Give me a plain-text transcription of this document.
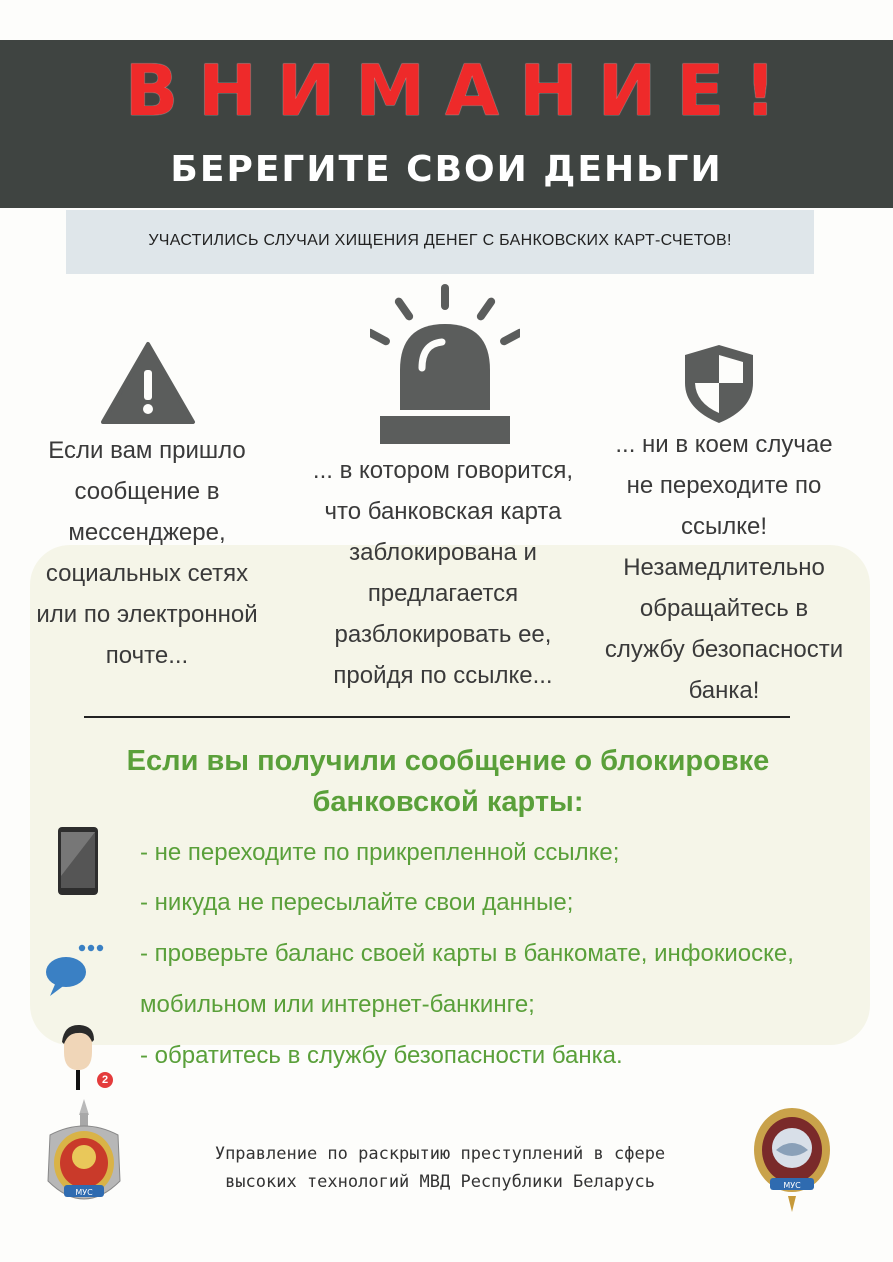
ВНИМАНИЕ!
БЕРЕГИТЕ СВОИ ДЕНЬГИ
УЧАСТИЛИСЬ СЛУЧАИ ХИЩЕНИЯ ДЕНЕГ С БАНКОВСКИХ КАРТ-СЧЕТОВ!
Если вам пришло
сообщение в
мессенджере,
социальных сетях
или по электронной
почте...
... в котором говорится,
что банковская карта
заблокирована и
предлагается
разблокировать ее,
пройдя по ссылке...
... ни в коем случае
не переходите по
ссылке!
Незамедлительно
обращайтесь в
службу безопасности
банка!
Если вы получили сообщение о блокировке
банковской карты:
2
- не переходите по прикрепленной ссылке;
- никуда не пересылайте свои данные;
- проверьте баланс своей карты в банкомате, инфокиоске,
мобильном или интернет-банкинге;
- обратитесь в службу безопасности банка.
МУС
МУС
Управление по раскрытию преступлений в сфере
высоких технологий МВД Республики Беларусь
